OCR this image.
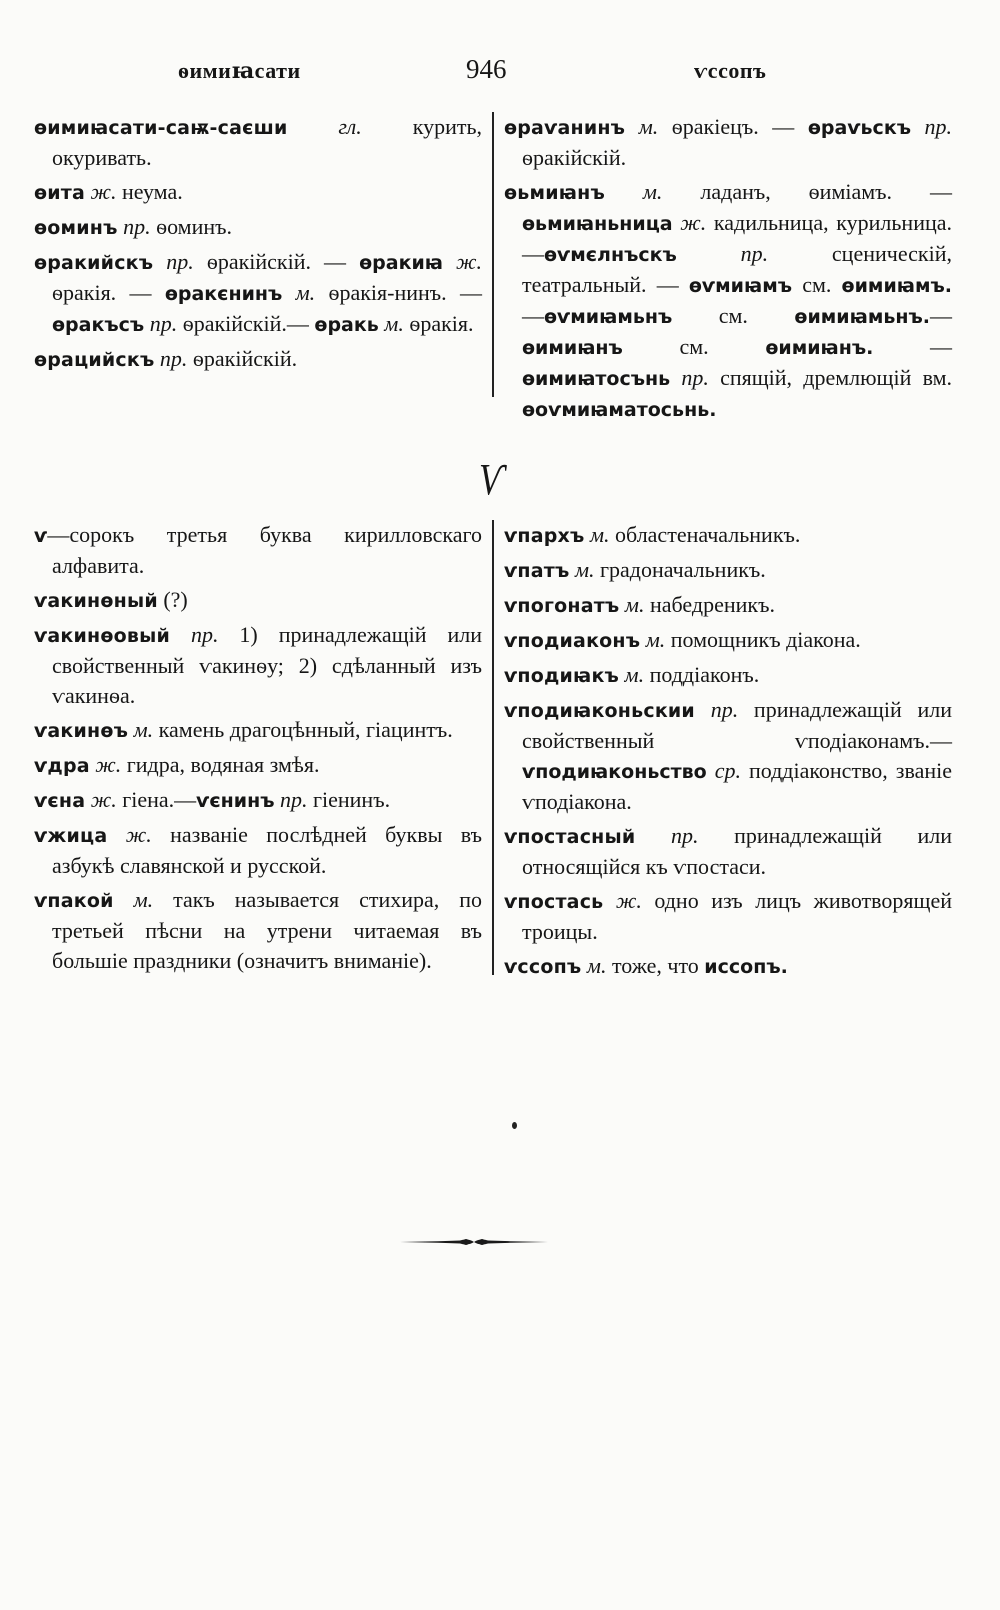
ѳимиꙗсати	946	ѵссопъ

ѳимиꙗсати-саѭ-саєши гл. курить, окуривать.

ѳита ж. неума.

ѳоминъ пр. ѳоминъ.

ѳракийскъ пр. ѳракійскій. — ѳракиꙗ ж. ѳракія. — ѳракєнинъ м. ѳракія-нинъ. — ѳракъсъ пр. ѳракійскій.— ѳракь м. ѳракія.

ѳрацийскъ пр. ѳракійскій.

ѳраѵанинъ м. ѳракіецъ. — ѳраѵьскъ пр. ѳракійскій.

ѳьмиꙗнъ м. ладанъ, ѳиміамъ. — ѳьмиꙗньница ж. кадильница, курильница.—ѳѵмєлнъскъ	пр. сценическій, театральный. — ѳѵмиꙗмъ см. ѳимиꙗмъ.—ѳѵмиꙗмьнъ см. ѳимиꙗмьнъ.—ѳимиꙗнъ	см.	ѳимиꙗнъ. — ѳимиꙗтосънь пр. спящій, дремлющій вм. ѳоѵмиꙗматосьнь.

Ѵ

ѵ—сорокъ третья буква кирилловскаго алфавита.

ѵакинѳный (?)

ѵакинѳовый пр. 1) принадлежащій или свойственный ѵакинѳу; 2) сдѣланный изъ ѵакинѳа.

ѵакинѳъ м. камень драгоцѣнный, гіацинтъ.

ѵдра ж. гидра, водяная змѣя.

ѵєна ж. гіена.—ѵєнинъ пр. гіенинъ.

ѵжица ж. названіе послѣдней буквы въ азбукѣ славянской и русской.

ѵпакой м. такъ называется стихира, по третьей пѣсни на утрени читаемая въ большіе праздники (означитъ вниманіе).

ѵпархъ м. областеначальникъ.

ѵпатъ м. градоначальникъ.

ѵпогонатъ м. набедреникъ.

ѵподиаконъ м. помощникъ діакона.

ѵподиꙗкъ м. поддіаконъ.

ѵподиꙗконьскии пр. принадлежащій или свойственный ѵподіаконамъ.— ѵподиꙗконьство ср. поддіаконство, званіе ѵподіакона.

ѵпостасный пр. принадлежащій или относящійся къ ѵпостаси.

ѵпостась ж. одно изъ лицъ животворящей троицы.

ѵссопъ м. тоже, что иссопъ.
